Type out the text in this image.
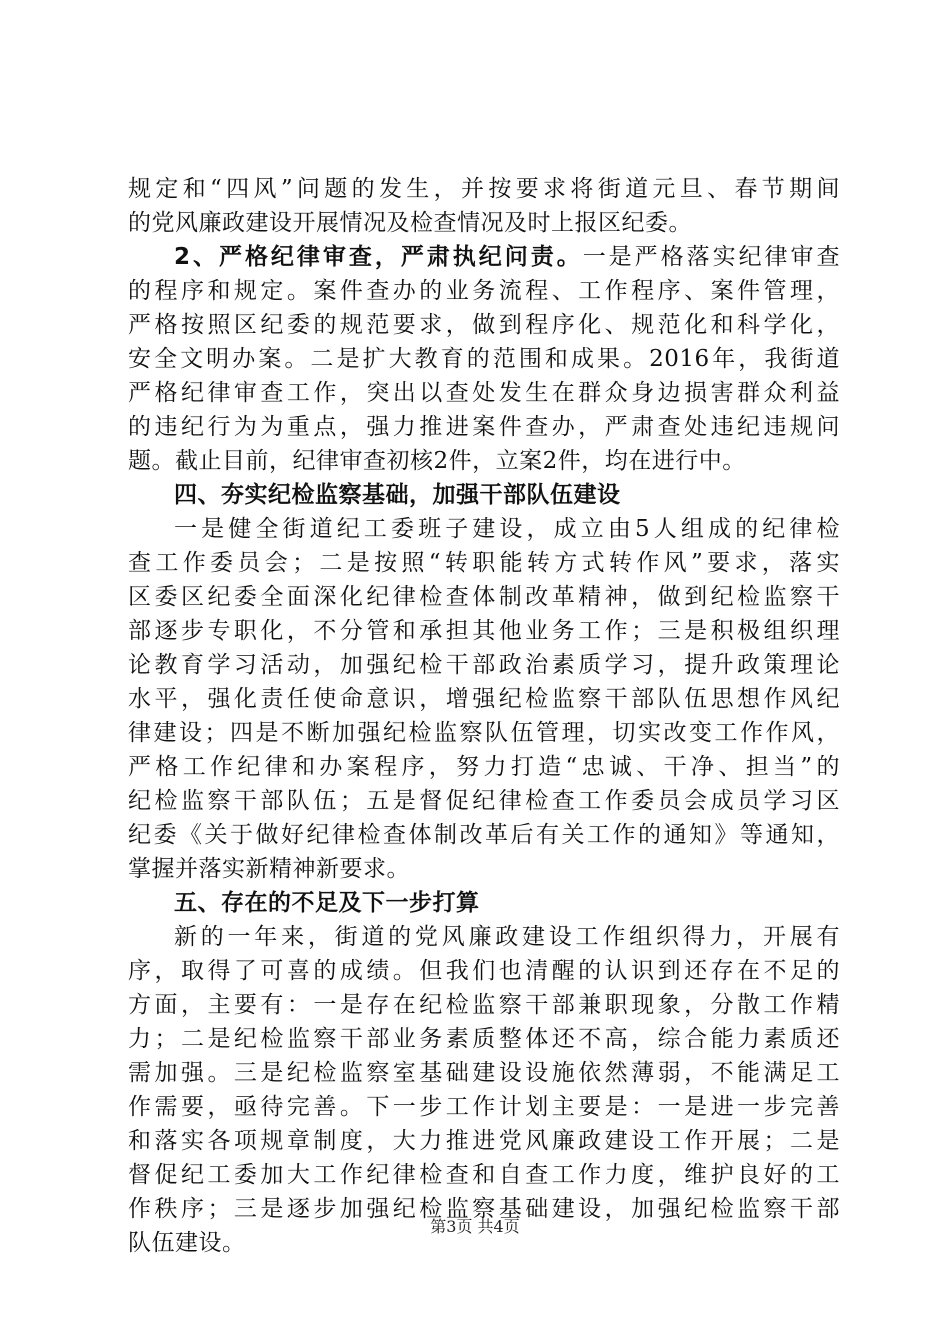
规定和“四风”问题的发生，并按要求将街道元旦、春节期间
的党风廉政建设开展情况及检查情况及时上报区纪委。
2、严格纪律审查，严肃执纪问责。一是严格落实纪律审查
的程序和规定。案件查办的业务流程、工作程序、案件管理，
严格按照区纪委的规范要求，做到程序化、规范化和科学化，
安全文明办案。二是扩大教育的范围和成果。2016年，我街道
严格纪律审查工作，突出以查处发生在群众身边损害群众利益
的违纪行为为重点，强力推进案件查办，严肃查处违纪违规问
题。截止目前，纪律审查初核2件，立案2件，均在进行中。
四、夯实纪检监察基础，加强干部队伍建设
一是健全街道纪工委班子建设，成立由5人组成的纪律检
查工作委员会；二是按照“转职能转方式转作风”要求，落实
区委区纪委全面深化纪律检查体制改革精神，做到纪检监察干
部逐步专职化，不分管和承担其他业务工作；三是积极组织理
论教育学习活动，加强纪检干部政治素质学习，提升政策理论
水平，强化责任使命意识，增强纪检监察干部队伍思想作风纪
律建设；四是不断加强纪检监察队伍管理，切实改变工作作风，
严格工作纪律和办案程序，努力打造“忠诚、干净、担当”的
纪检监察干部队伍；五是督促纪律检查工作委员会成员学习区
纪委《关于做好纪律检查体制改革后有关工作的通知》等通知，
掌握并落实新精神新要求。
五、存在的不足及下一步打算
新的一年来，街道的党风廉政建设工作组织得力，开展有
序，取得了可喜的成绩。但我们也清醒的认识到还存在不足的
方面，主要有：一是存在纪检监察干部兼职现象，分散工作精
力；二是纪检监察干部业务素质整体还不高，综合能力素质还
需加强。三是纪检监察室基础建设设施依然薄弱，不能满足工
作需要，亟待完善。下一步工作计划主要是：一是进一步完善
和落实各项规章制度，大力推进党风廉政建设工作开展；二是
督促纪工委加大工作纪律检查和自查工作力度，维护良好的工
作秩序；三是逐步加强纪检监察基础建设，加强纪检监察干部
队伍建设。
第3页 共4页
